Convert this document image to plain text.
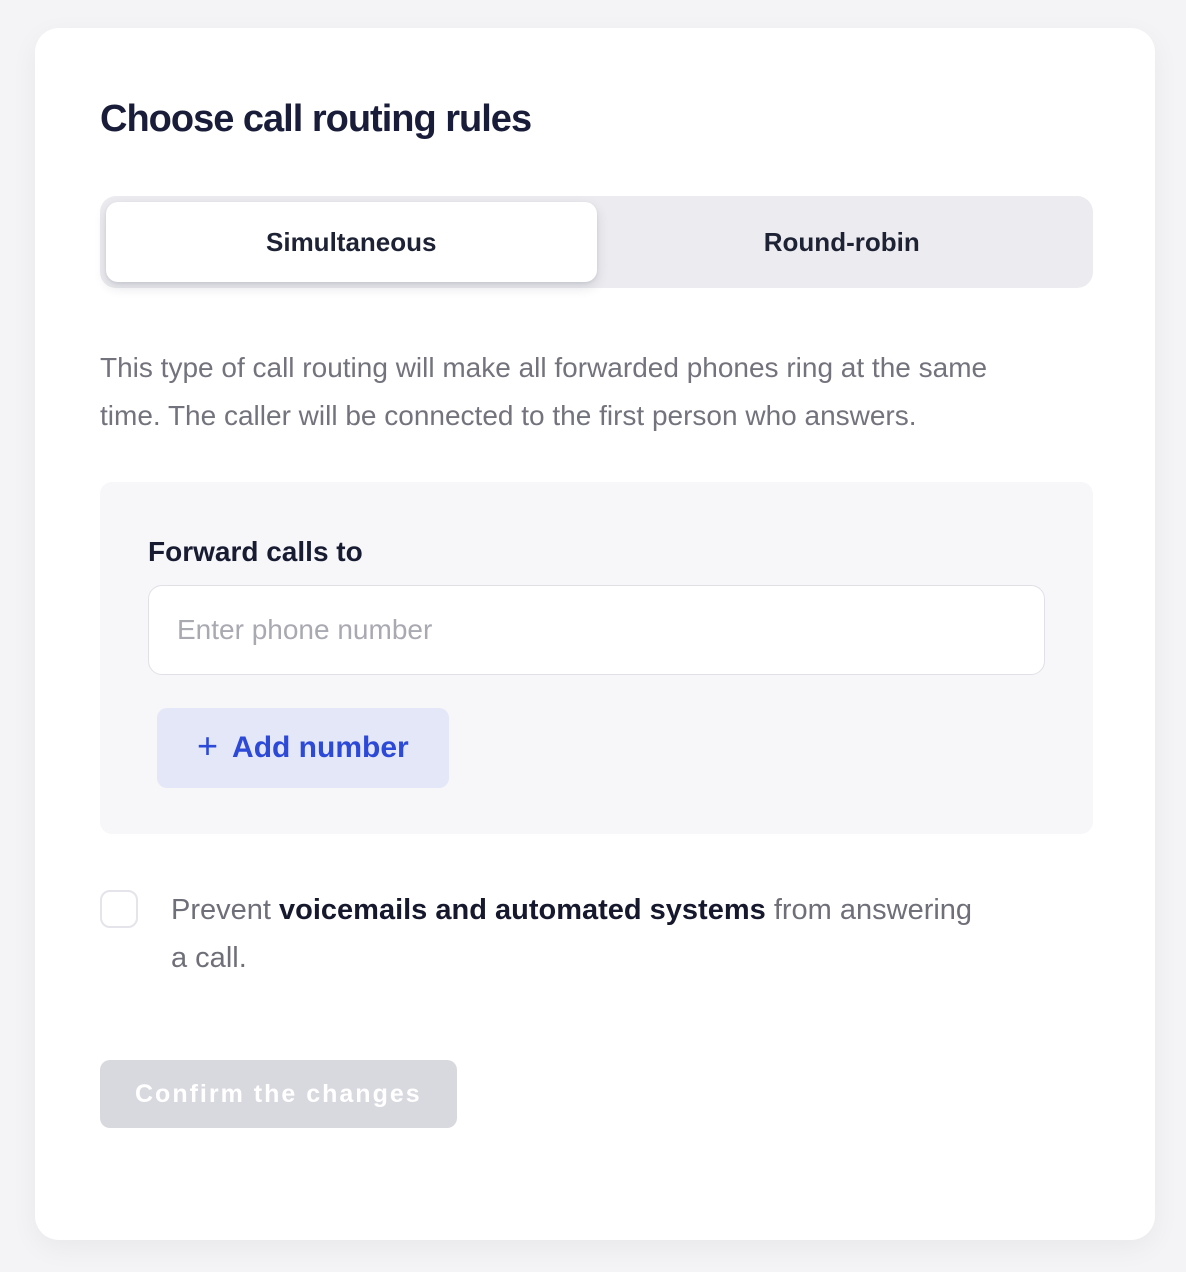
Choose call routing rules
Simultaneous	Round-robin

This type of call routing will make all forwarded phones ring at the same time. The caller will be connected to the first person who answers.

Forward calls to
Enter phone number
+ Add number
Prevent voicemails and automated systems from answering a call.
Confirm the changes
